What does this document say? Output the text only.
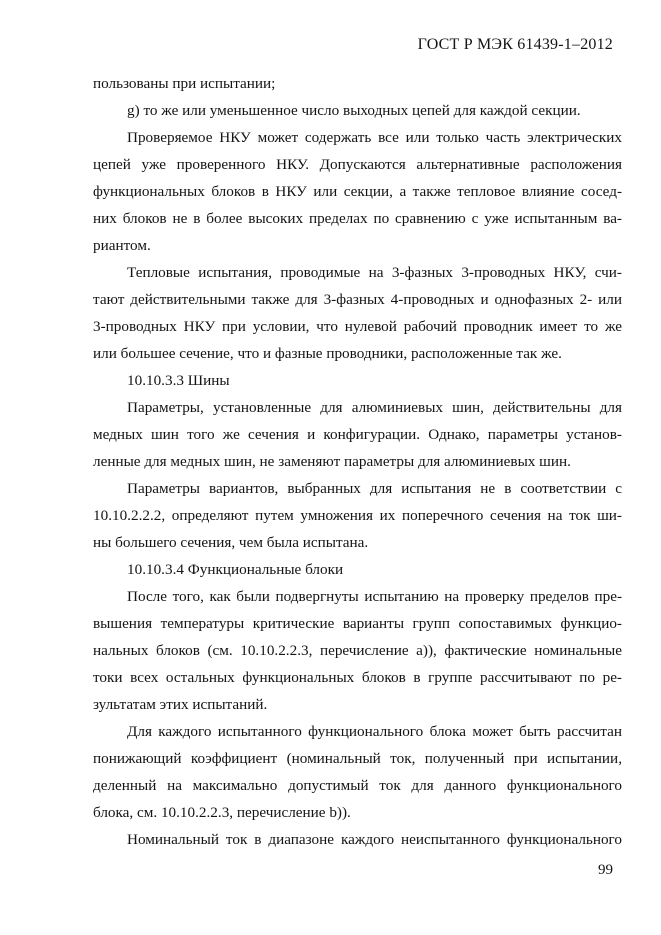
ГОСТ Р МЭК 61439-1–2012
пользованы при испытании;
g) то же или уменьшенное число выходных цепей для каждой секции.
Проверяемое НКУ может содержать все или только часть электрических
цепей уже проверенного НКУ. Допускаются альтернативные расположения
функциональных блоков в НКУ или секции, а также тепловое влияние сосед-
них блоков не в более высоких пределах по сравнению с уже испытанным ва-
риантом.
Тепловые испытания, проводимые на 3-фазных 3-проводных НКУ, счи-
тают действительными также для 3-фазных 4-проводных и однофазных 2- или
3-проводных НКУ при условии, что нулевой рабочий проводник имеет то же
или большее сечение, что и фазные проводники, расположенные так же.
10.10.3.3 Шины
Параметры, установленные для алюминиевых шин, действительны для
медных шин того же сечения и конфигурации. Однако, параметры установ-
ленные для медных шин, не заменяют параметры для алюминиевых шин.
Параметры вариантов, выбранных для испытания не в соответствии с
10.10.2.2.2, определяют путем умножения их поперечного сечения на ток ши-
ны большего сечения, чем была испытана.
10.10.3.4 Функциональные блоки
После того, как были подвергнуты испытанию на проверку пределов пре-
вышения температуры критические варианты групп сопоставимых функцио-
нальных блоков (см. 10.10.2.2.3, перечисление а)), фактические номинальные
токи всех остальных функциональных блоков в группе рассчитывают по ре-
зультатам этих испытаний.
Для каждого испытанного функционального блока может быть рассчитан
понижающий коэффициент (номинальный ток, полученный при испытании,
деленный на максимально допустимый ток для данного функционального
блока, см. 10.10.2.2.3, перечисление b)).
Номинальный ток в диапазоне каждого неиспытанного функционального
99
